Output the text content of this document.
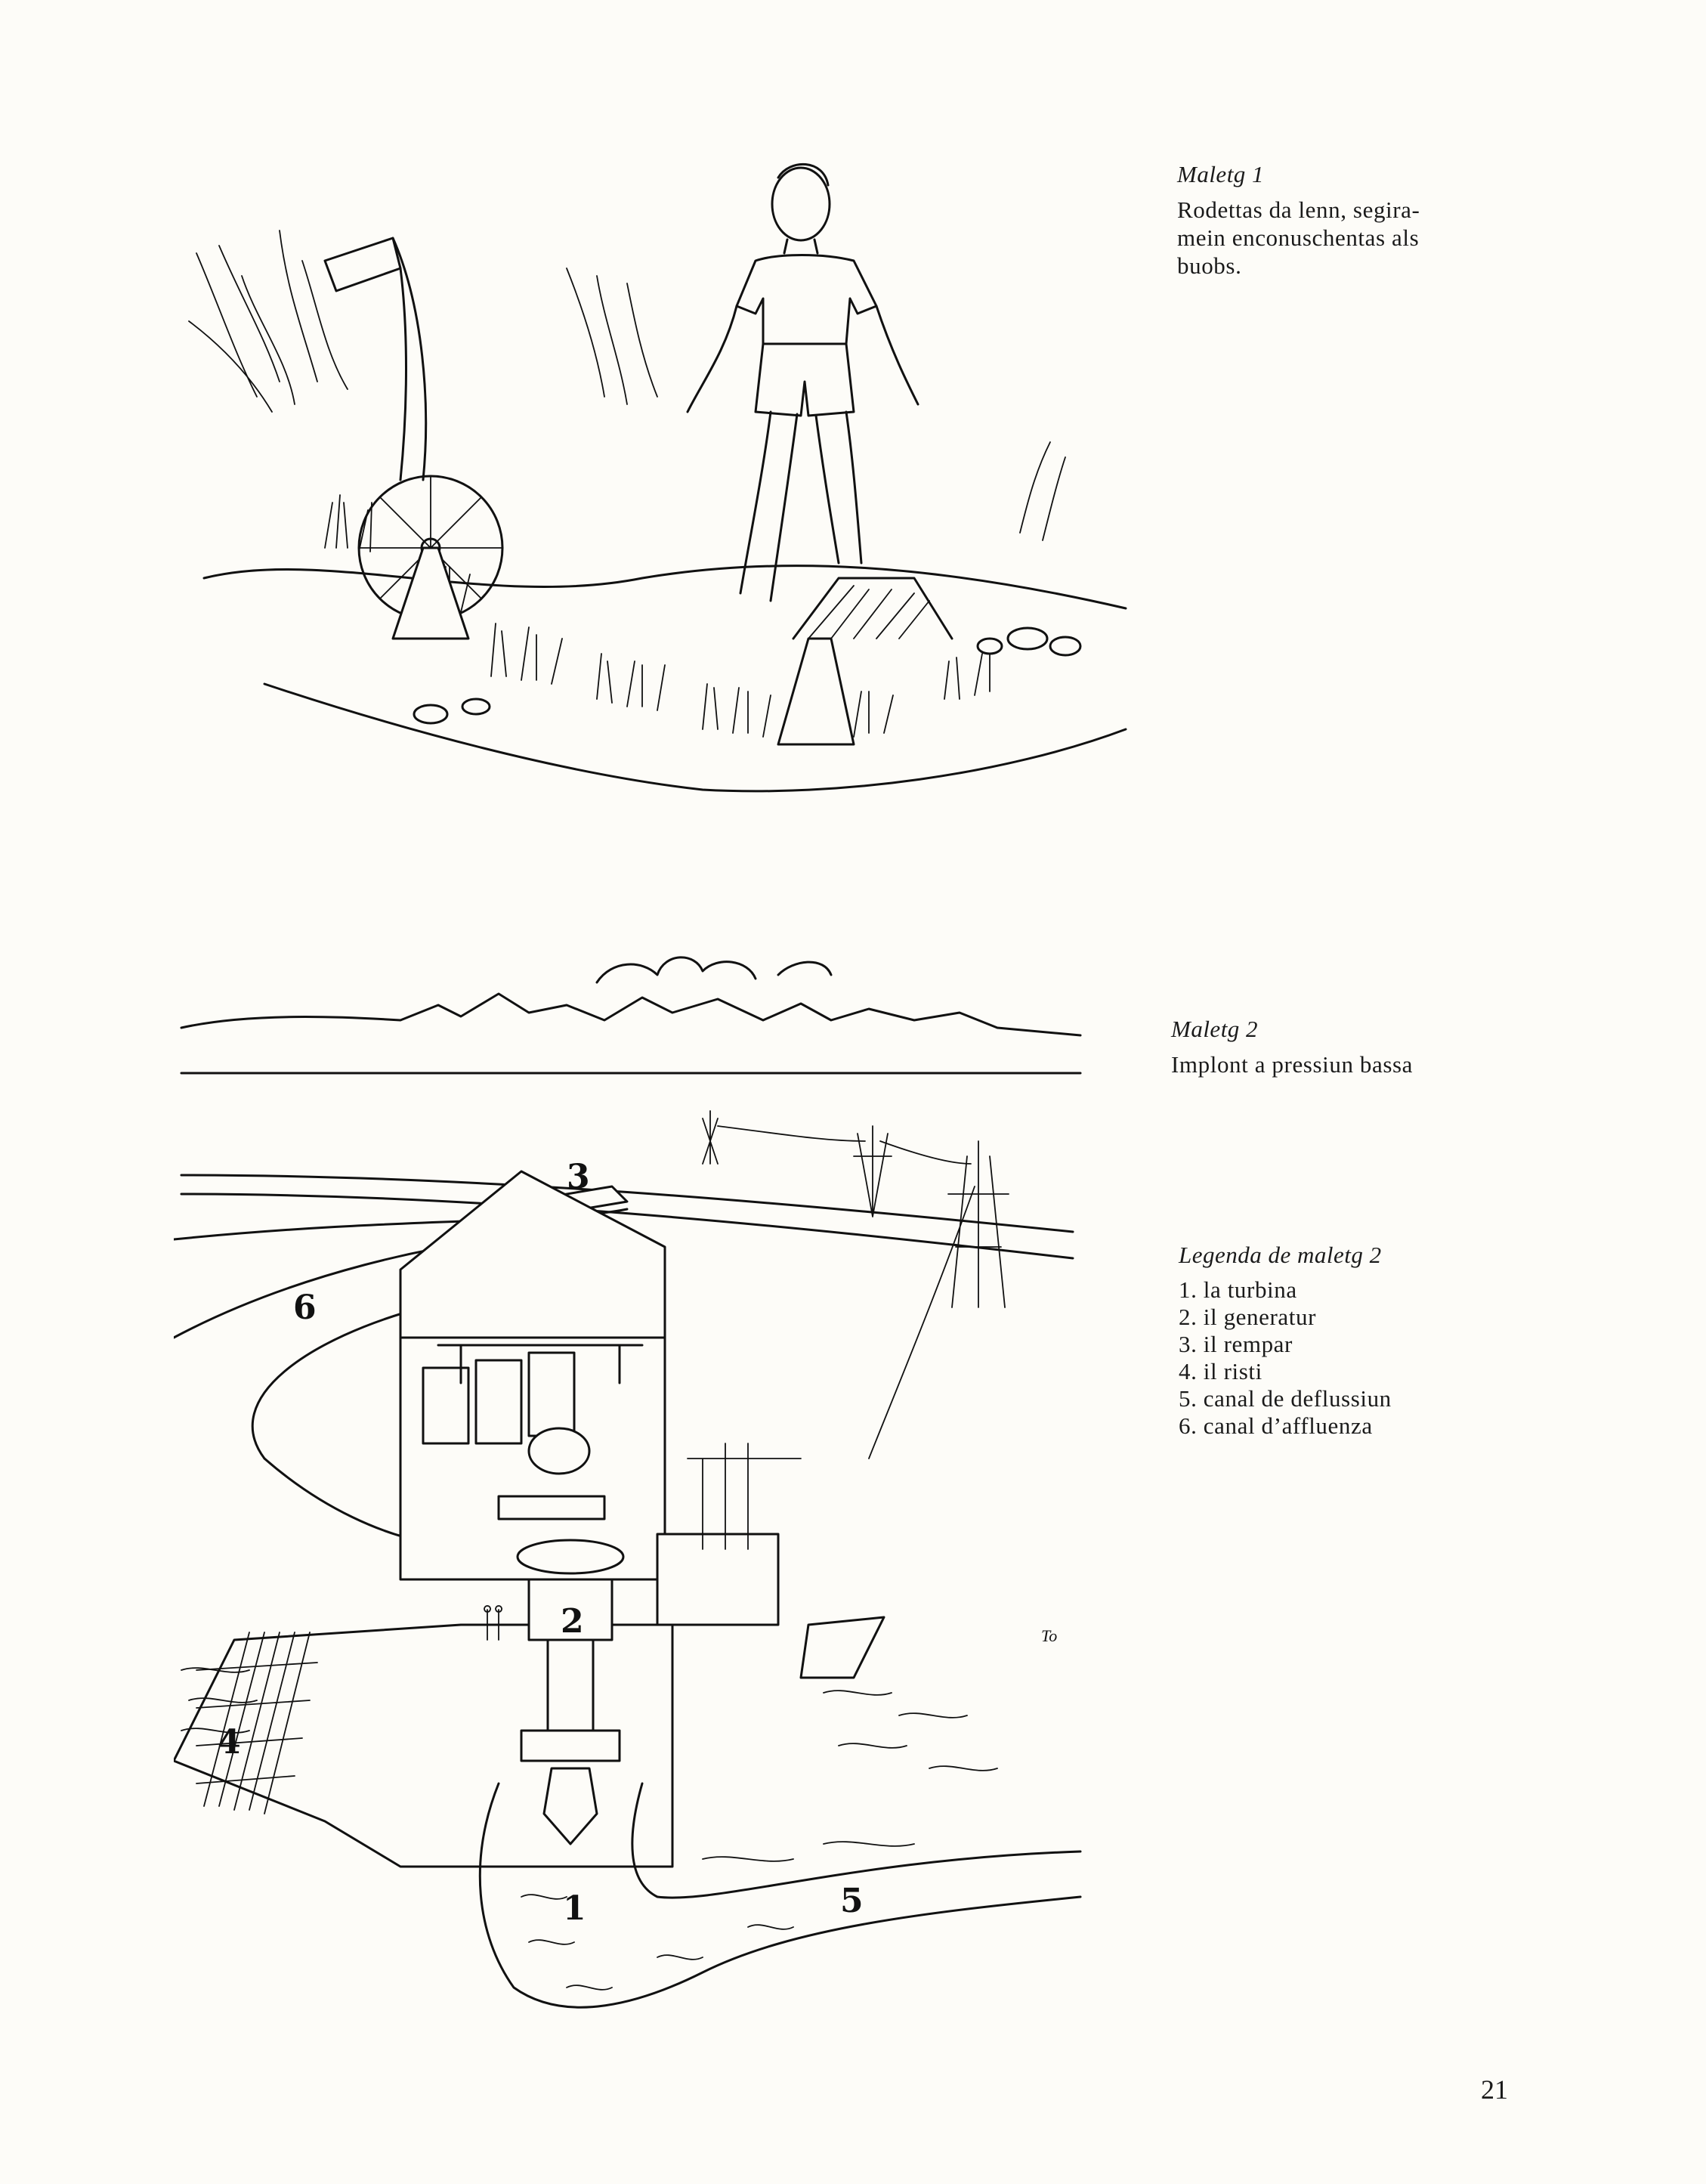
Maletg 1
Rodettas da lenn, segira-
mein enconuschentas als
buobs.
6
3
2
4
1	5
To
Maletg 2
Implont a pressiun bassa
Legenda de maletg 2
1. la turbina
2. il generatur
3. il rempar
4. il risti
5. canal de deflussiun
6. canal d’affluenza
21
